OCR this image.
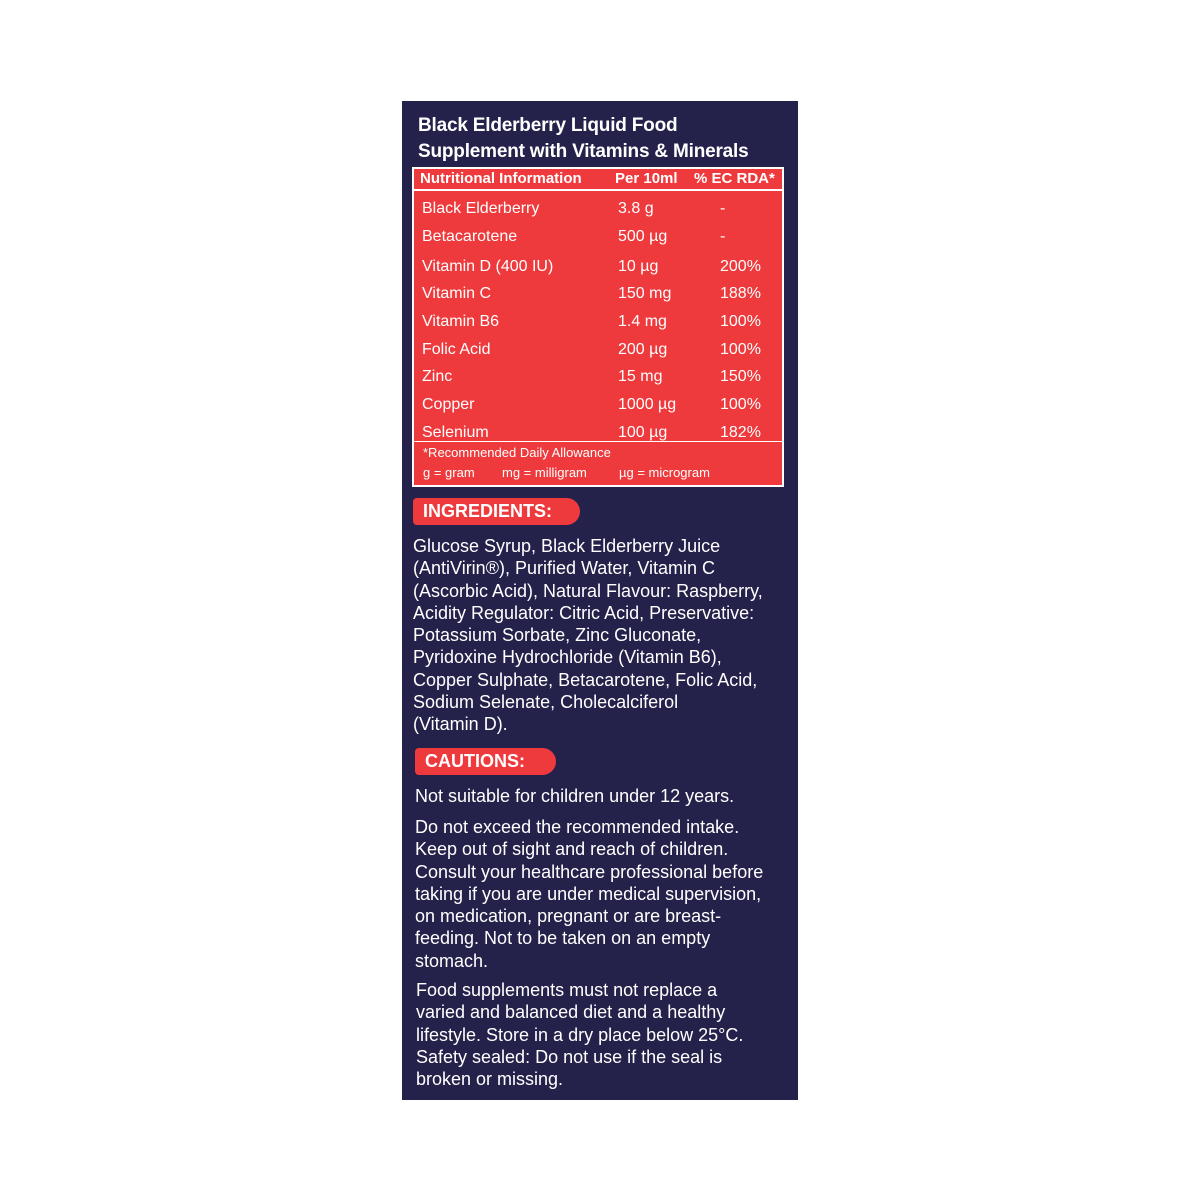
Black Elderberry Liquid Food
Supplement with Vitamins & Minerals
Nutritional Information Per 10ml % EC RDA*
Black Elderberry	3.8 g	-
Betacarotene	500 µg	-
Vitamin D (400 IU)	10 µg	200%
Vitamin C	150 mg	188%
Vitamin B6	1.4 mg	100%
Folic Acid	200 µg	100%
Zinc	15 mg	150%
Copper	1000 µg	100%
Selenium	100 µg	182%
*Recommended Daily Allowance
g = gram mg = milligram µg = microgram
INGREDIENTS:
Glucose Syrup, Black Elderberry Juice
(AntiVirin®), Purified Water, Vitamin C
(Ascorbic Acid), Natural Flavour: Raspberry,
Acidity Regulator: Citric Acid, Preservative:
Potassium Sorbate, Zinc Gluconate,
Pyridoxine Hydrochloride (Vitamin B6),
Copper Sulphate, Betacarotene, Folic Acid,
Sodium Selenate, Cholecalciferol
(Vitamin D).
CAUTIONS:
Not suitable for children under 12 years.
Do not exceed the recommended intake.
Keep out of sight and reach of children.
Consult your healthcare professional before
taking if you are under medical supervision,
on medication, pregnant or are breast-
feeding. Not to be taken on an empty
stomach.
Food supplements must not replace a
varied and balanced diet and a healthy
lifestyle. Store in a dry place below 25°C.
Safety sealed: Do not use if the seal is
broken or missing.
